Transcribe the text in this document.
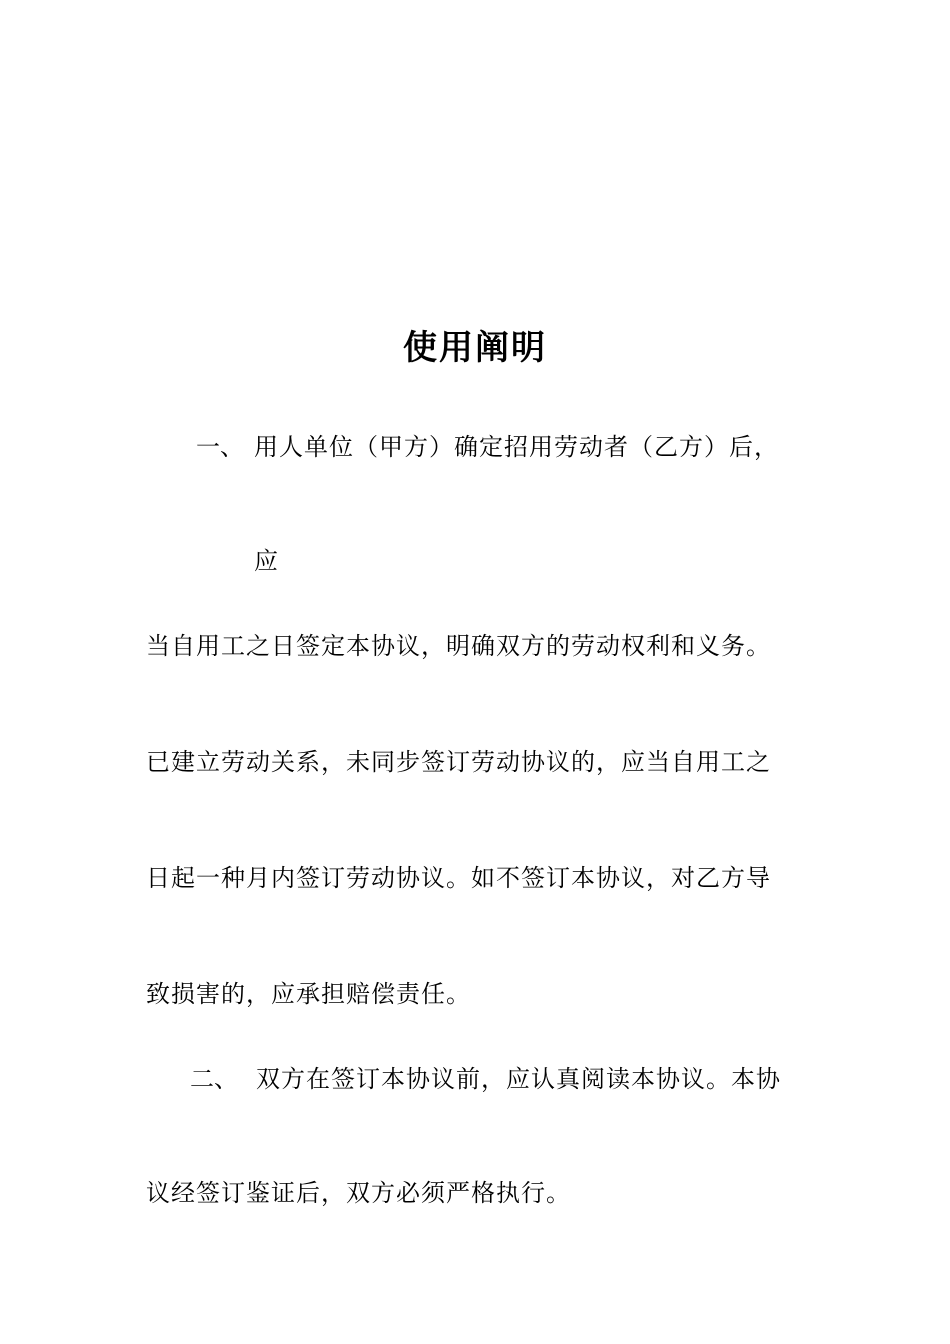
使用阐明
一、 用人单位（甲方）确定招用劳动者（乙方）后，
应
当自用工之日签定本协议，明确双方的劳动权利和义务。
已建立劳动关系，未同步签订劳动协议的，应当自用工之
日起一种月内签订劳动协议。如不签订本协议，对乙方导
致损害的，应承担赔偿责任。
二、 双方在签订本协议前，应认真阅读本协议。本协
议经签订鉴证后，双方必须严格执行。
